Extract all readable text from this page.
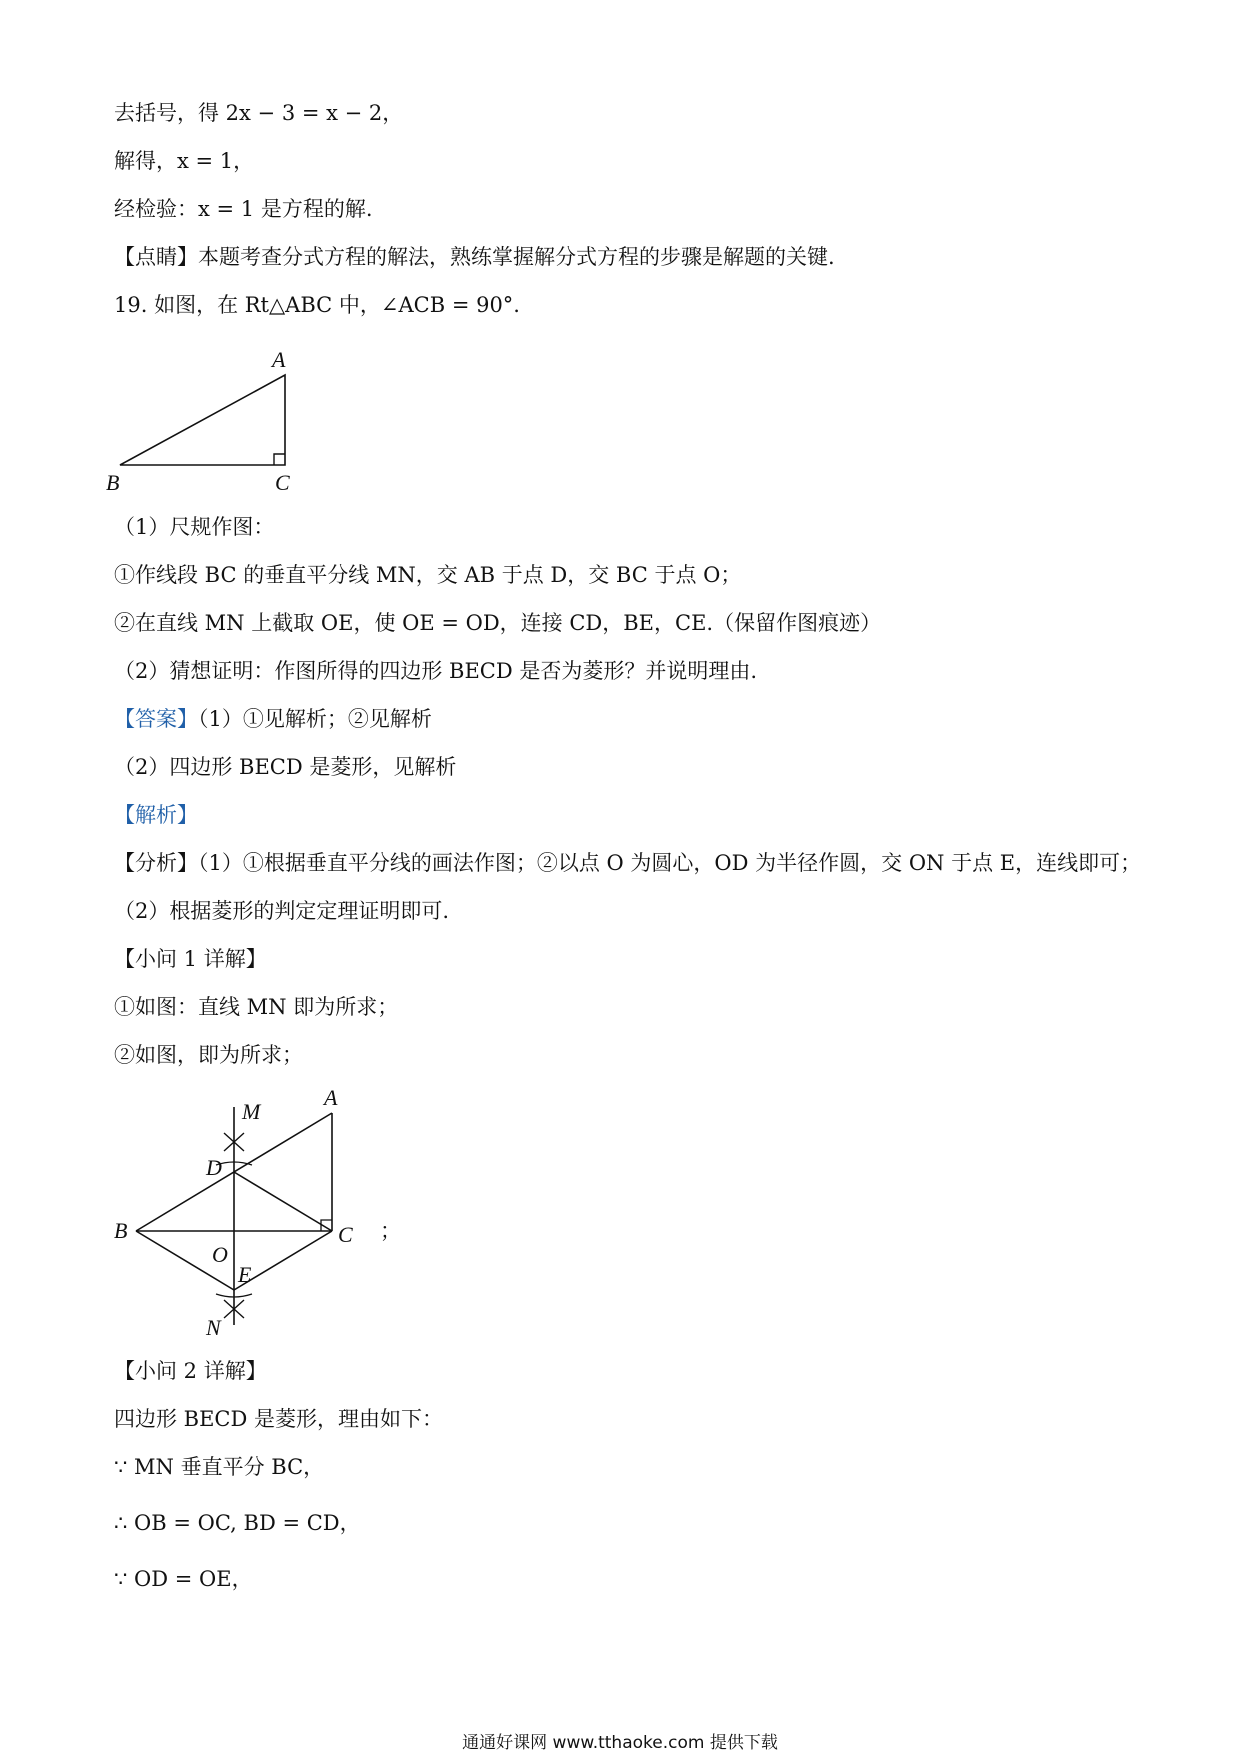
去括号，得 2x − 3 = x − 2，
解得，x = 1，
经检验：x = 1 是方程的解.
【点睛】本题考查分式方程的解法，熟练掌握解分式方程的步骤是解题的关键.
19. 如图，在 Rt△ABC 中，∠ACB = 90°.
A
B	C
（1）尺规作图：
①作线段 BC 的垂直平分线 MN，交 AB 于点 D，交 BC 于点 O；
②在直线 MN 上截取 OE，使 OE = OD，连接 CD，BE，CE.（保留作图痕迹）
（2）猜想证明：作图所得的四边形 BECD 是否为菱形？并说明理由.
【答案】（1）①见解析；②见解析
（2）四边形 BECD 是菱形，见解析
【解析】
【分析】（1）①根据垂直平分线的画法作图；②以点 O 为圆心，OD 为半径作圆，交 ON 于点 E，连线即可；
（2）根据菱形的判定定理证明即可.
【小问 1 详解】
①如图：直线 MN 即为所求；
②如图，即为所求；
A
M
D
B
O
C
E
N
；
【小问 2 详解】
四边形 BECD 是菱形，理由如下：
∵ MN 垂直平分 BC，
∴ OB = OC, BD = CD，
∵ OD = OE，
通通好课网 www.tthaoke.com 提供下载
